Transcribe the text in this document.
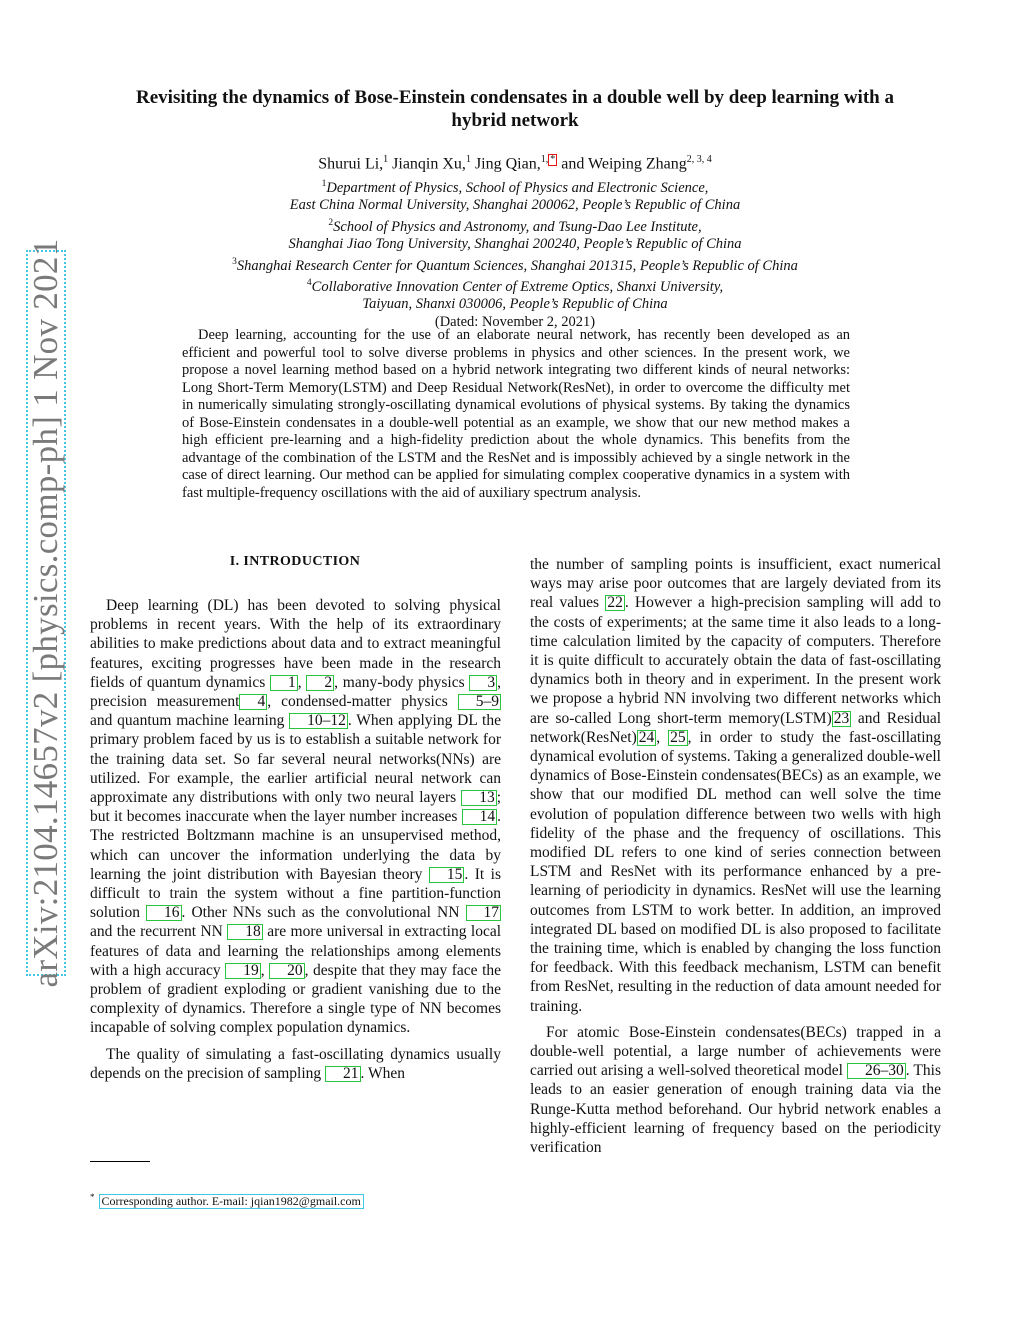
arXiv:2104.14657v2 [physics.comp-ph] 1 Nov 2021
Revisiting the dynamics of Bose-Einstein condensates in a double well by deep learning with a hybrid network
Shurui Li,$^1$ Jianqin Xu,$^1$ Jing Qian,$^{1,}$ * and Weiping Zhang$^{2, 3, 4}$
$^1$Department of Physics, School of Physics and Electronic Science,
East China Normal University, Shanghai 200062, People’s Republic of China
$^2$School of Physics and Astronomy, and Tsung-Dao Lee Institute,
Shanghai Jiao Tong University, Shanghai 200240, People’s Republic of China
$^3$Shanghai Research Center for Quantum Sciences, Shanghai 201315, People’s Republic of China
$^4$Collaborative Innovation Center of Extreme Optics, Shanxi University,
Taiyuan, Shanxi 030006, People’s Republic of China
(Dated: November 2, 2021)
Deep learning, accounting for the use of an elaborate neural network, has recently been developed as an efficient and powerful tool to solve diverse problems in physics and other sciences. In the present work, we propose a novel learning method based on a hybrid network integrating two different kinds of neural networks: Long Short-Term Memory(LSTM) and Deep Residual Network(ResNet), in order to overcome the difficulty met in numerically simulating strongly-oscillating dynamical evolutions of physical systems. By taking the dynamics of Bose-Einstein condensates in a double-well potential as an example, we show that our new method makes a high efficient pre-learning and a high-fidelity prediction about the whole dynamics. This benefits from the advantage of the combination of the LSTM and the ResNet and is impossibly achieved by a single network in the case of direct learning. Our method can be applied for simulating complex cooperative dynamics in a system with fast multiple-frequency oscillations with the aid of auxiliary spectrum analysis.
I. INTRODUCTION

Deep learning (DL) has been devoted to solving physical problems in recent years. With the help of its extraordinary abilities to make predictions about data and to extract meaningful features, exciting progresses have been made in the research fields of quantum dynamics 1 , 2 , many-body physics 3 , precision measurement 4 , condensed-matter physics 5–9 and quantum machine learning 10–12 . When applying DL the primary problem faced by us is to establish a suitable network for the training data set. So far several neural networks(NNs) are utilized. For example, the earlier artificial neural network can approximate any distributions with only two neural layers 13 ; but it becomes inaccurate when the layer number increases 14 . The restricted Boltzmann machine is an unsupervised method, which can uncover the information underlying the data by learning the joint distribution with Bayesian theory 15 . It is difficult to train the system without a fine partition-function solution 16 . Other NNs such as the convolutional NN 17 and the recurrent NN 18 are more universal in extracting local features of data and learning the relationships among elements with a high accuracy 19 , 20 , despite that they may face the problem of gradient exploding or gradient vanishing due to the complexity of dynamics. Therefore a single type of NN becomes incapable of solving complex population dynamics.

The quality of simulating a fast-oscillating dynamics usually depends on the precision of sampling 21 . When

the number of sampling points is insufficient, exact numerical ways may arise poor outcomes that are largely deviated from its real values 22 . However a high-precision sampling will add to the costs of experiments; at the same time it also leads to a long-time calculation limited by the capacity of computers. Therefore it is quite difficult to accurately obtain the data of fast-oscillating dynamics both in theory and in experiment. In the present work we propose a hybrid NN involving two different networks which are so-called Long short-term memory(LSTM) 23 and Residual network(ResNet) 24 , 25 , in order to study the fast-oscillating dynamical evolution of systems. Taking a generalized double-well dynamics of Bose-Einstein condensates(BECs) as an example, we show that our modified DL method can well solve the time evolution of population difference between two wells with high fidelity of the phase and the frequency of oscillations. This modified DL refers to one kind of series connection between LSTM and ResNet with its performance enhanced by a pre-learning of periodicity in dynamics. ResNet will use the learning outcomes from LSTM to work better. In addition, an improved integrated DL based on modified DL is also proposed to facilitate the training time, which is enabled by changing the loss function for feedback. With this feedback mechanism, LSTM can benefit from ResNet, resulting in the reduction of data amount needed for training.

For atomic Bose-Einstein condensates(BECs) trapped in a double-well potential, a large number of achievements were carried out arising a well-solved theoretical model 26–30 . This leads to an easier generation of enough training data via the Runge-Kutta method beforehand. Our hybrid network enables a highly-efficient learning of frequency based on the periodicity verification

* Corresponding author. E-mail: jqian1982@gmail.com
